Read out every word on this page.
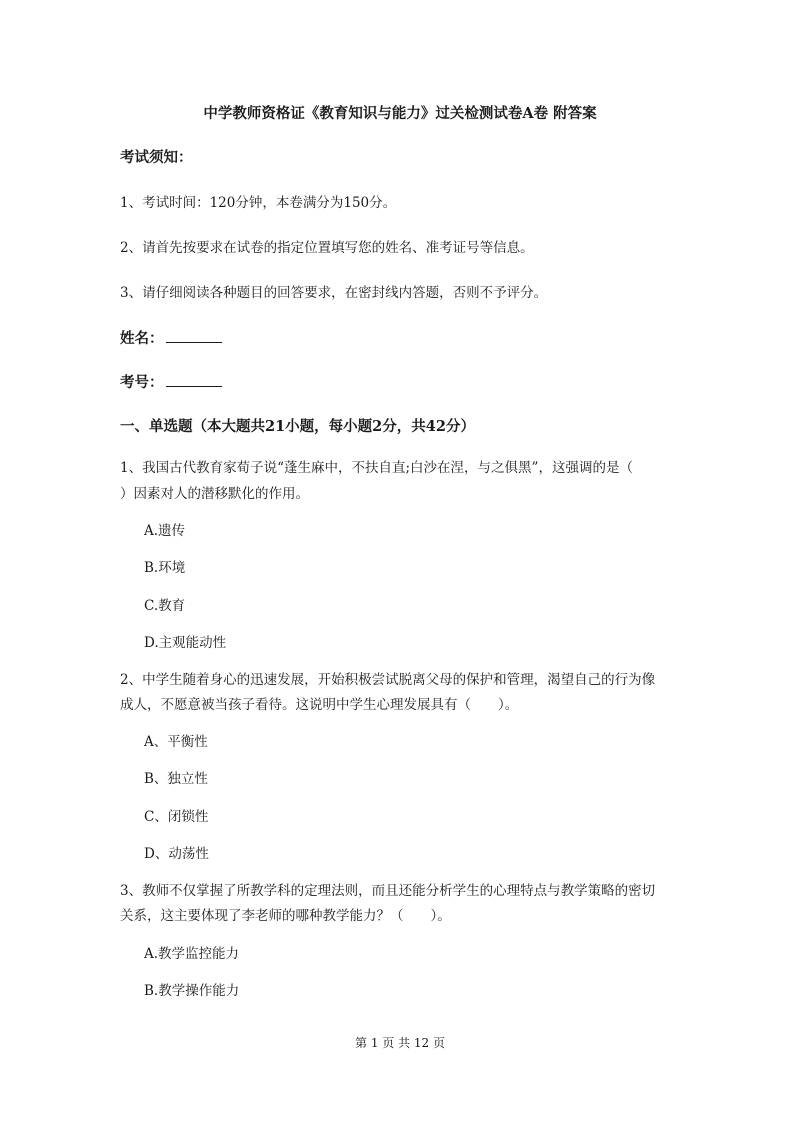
中学教师资格证《教育知识与能力》过关检测试卷A卷 附答案
考试须知：
1、考试时间：120分钟，本卷满分为150分。
2、请首先按要求在试卷的指定位置填写您的姓名、准考证号等信息。
3、请仔细阅读各种题目的回答要求，在密封线内答题，否则不予评分。
姓名：
考号：
一、单选题（本大题共21小题，每小题2分，共42分）
1、我国古代教育家荀子说“蓬生麻中，不扶自直;白沙在涅，与之俱黑”，这强调的是（
）因素对人的潜移默化的作用。
A.遗传
B.环境
C.教育
D.主观能动性
2、中学生随着身心的迅速发展，开始积极尝试脱离父母的保护和管理，渴望自己的行为像
成人，不愿意被当孩子看待。这说明中学生心理发展具有（　　）。
A、平衡性
B、独立性
C、闭锁性
D、动荡性
3、教师不仅掌握了所教学科的定理法则，而且还能分析学生的心理特点与教学策略的密切
关系，这主要体现了李老师的哪种教学能力？（　　）。
A.教学监控能力
B.教学操作能力
第 1 页 共 12 页
